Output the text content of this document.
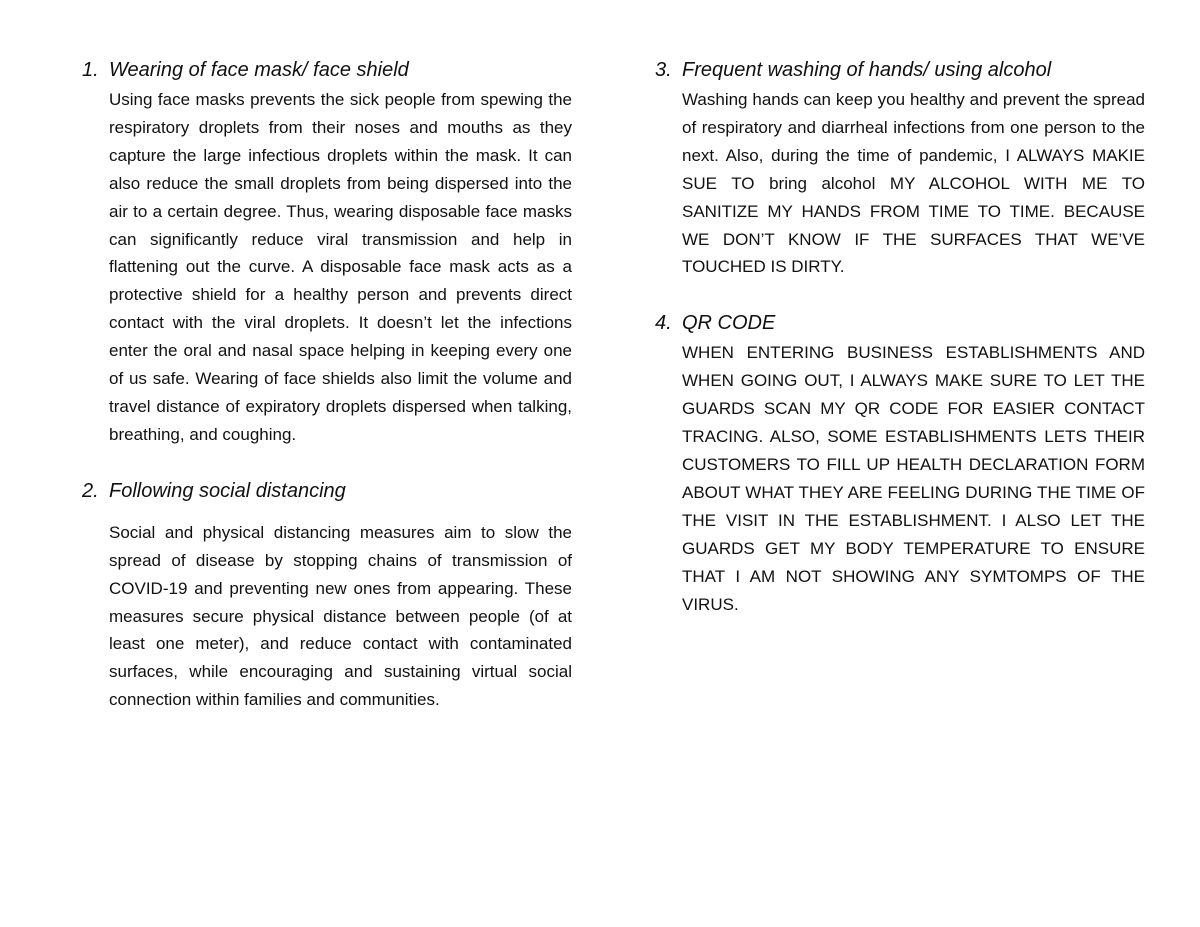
1. Wearing of face mask/ face shield

Using face masks prevents the sick people from spewing the respiratory droplets from their noses and mouths as they capture the large infectious droplets within the mask. It can also reduce the small droplets from being dispersed into the air to a certain degree. Thus, wearing disposable face masks can significantly reduce viral transmission and help in flattening out the curve. A disposable face mask acts as a protective shield for a healthy person and prevents direct contact with the viral droplets. It doesn’t let the infections enter the oral and nasal space helping in keeping every one of us safe. Wearing of face shields also limit the volume and travel distance of expiratory droplets dispersed when talking, breathing, and coughing.

2. Following social distancing

Social and physical distancing measures aim to slow the spread of disease by stopping chains of transmission of COVID-19 and preventing new ones from appearing. These measures secure physical distance between people (of at least one meter), and reduce contact with contaminated surfaces, while encouraging and sustaining virtual social connection within families and communities.

3. Frequent washing of hands/ using alcohol

Washing hands can keep you healthy and prevent the spread of respiratory and diarrheal infections from one person to the next. Also, during the time of pandemic, I ALWAYS MAKIE SUE TO bring alcohol MY ALCOHOL WITH ME TO SANITIZE MY HANDS FROM TIME TO TIME. BECAUSE WE DON’T KNOW IF THE SURFACES THAT WE’VE TOUCHED IS DIRTY.

4. QR CODE

WHEN ENTERING BUSINESS ESTABLISHMENTS AND WHEN GOING OUT, I ALWAYS MAKE SURE TO LET THE GUARDS SCAN MY QR CODE FOR EASIER CONTACT TRACING. ALSO, SOME ESTABLISHMENTS LETS THEIR CUSTOMERS TO FILL UP HEALTH DECLARATION FORM ABOUT WHAT THEY ARE FEELING DURING THE TIME OF THE VISIT IN THE ESTABLISHMENT. I ALSO LET THE GUARDS GET MY BODY TEMPERATURE TO ENSURE THAT I AM NOT SHOWING ANY SYMTOMPS OF THE VIRUS.
